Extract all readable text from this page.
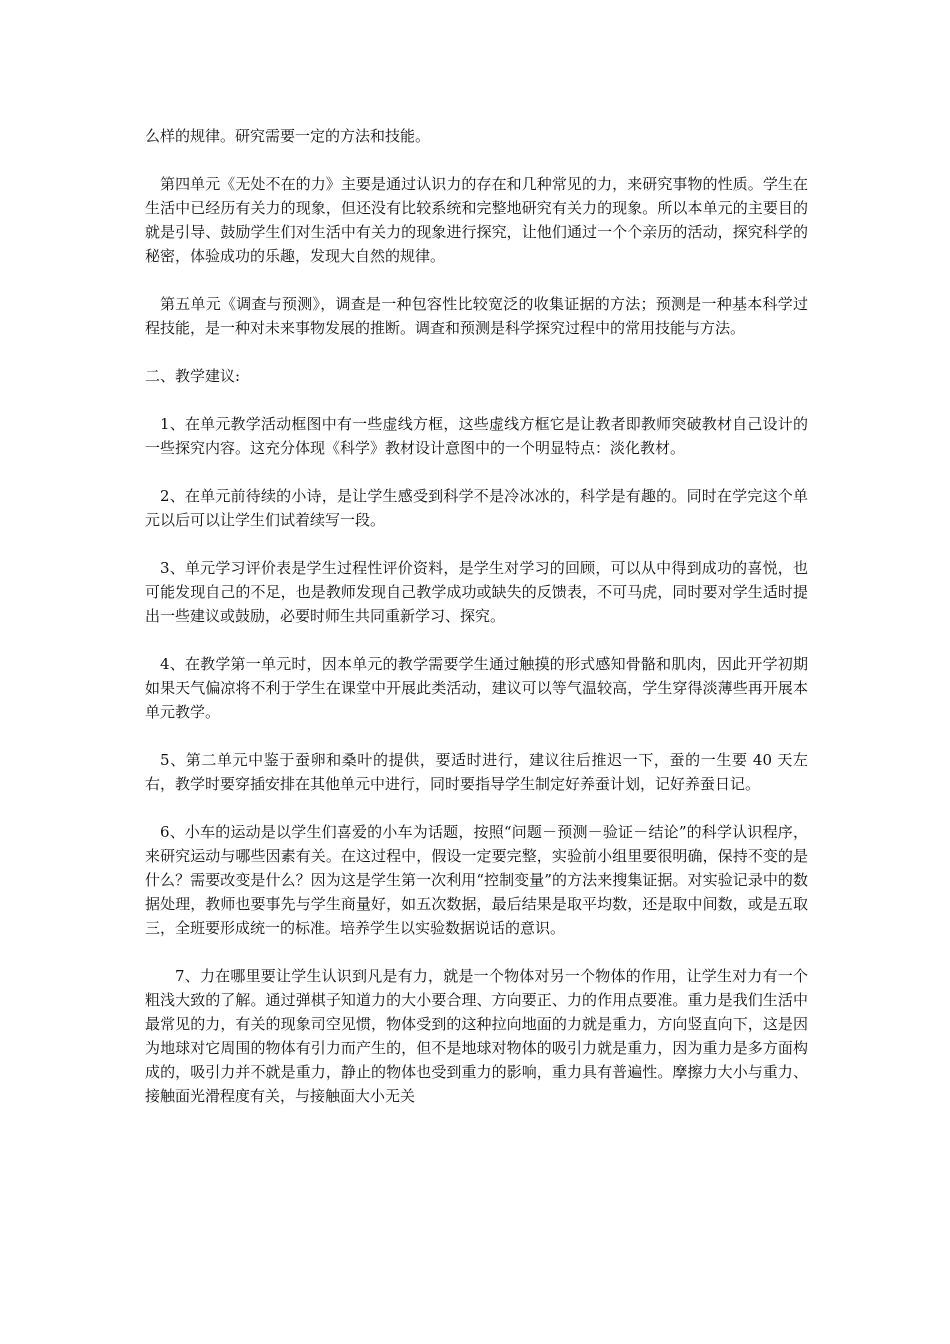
么样的规律。研究需要一定的方法和技能。

第四单元《无处不在的力》主要是通过认识力的存在和几种常见的力，来研究事物的性质。学生在生活中已经历有关力的现象，但还没有比较系统和完整地研究有关力的现象。所以本单元的主要目的就是引导、鼓励学生们对生活中有关力的现象进行探究，让他们通过一个个亲历的活动，探究科学的秘密，体验成功的乐趣，发现大自然的规律。

第五单元《调查与预测》，调查是一种包容性比较宽泛的收集证据的方法；预测是一种基本科学过程技能，是一种对未来事物发展的推断。调查和预测是科学探究过程中的常用技能与方法。

二、教学建议:

1、在单元教学活动框图中有一些虚线方框，这些虚线方框它是让教者即教师突破教材自己设计的一些探究内容。这充分体现《科学》教材设计意图中的一个明显特点：淡化教材。

2、在单元前待续的小诗，是让学生感受到科学不是冷冰冰的，科学是有趣的。同时在学完这个单元以后可以让学生们试着续写一段。

3、单元学习评价表是学生过程性评价资料，是学生对学习的回顾，可以从中得到成功的喜悦，也可能发现自己的不足，也是教师发现自己教学成功或缺失的反馈表，不可马虎，同时要对学生适时提出一些建议或鼓励，必要时师生共同重新学习、探究。

4、在教学第一单元时，因本单元的教学需要学生通过触摸的形式感知骨骼和肌肉，因此开学初期如果天气偏凉将不利于学生在课堂中开展此类活动，建议可以等气温较高，学生穿得淡薄些再开展本单元教学。

5、第二单元中鉴于蚕卵和桑叶的提供，要适时进行，建议往后推迟一下，蚕的一生要 40 天左右，教学时要穿插安排在其他单元中进行，同时要指导学生制定好养蚕计划，记好养蚕日记。

6、小车的运动是以学生们喜爱的小车为话题，按照“问题－预测－验证－结论”的科学认识程序，来研究运动与哪些因素有关。在这过程中，假设一定要完整，实验前小组里要很明确，保持不变的是什么？需要改变是什么？因为这是学生第一次利用“控制变量”的方法来搜集证据。对实验记录中的数据处理，教师也要事先与学生商量好，如五次数据，最后结果是取平均数，还是取中间数，或是五取三，全班要形成统一的标准。培养学生以实验数据说话的意识。

7、力在哪里要让学生认识到凡是有力，就是一个物体对另一个物体的作用，让学生对力有一个粗浅大致的了解。通过弹棋子知道力的大小要合理、方向要正、力的作用点要准。重力是我们生活中最常见的力，有关的现象司空见惯，物体受到的这种拉向地面的力就是重力，方向竖直向下，这是因为地球对它周围的物体有引力而产生的，但不是地球对物体的吸引力就是重力，因为重力是多方面构成的，吸引力并不就是重力，静止的物体也受到重力的影响，重力具有普遍性。摩擦力大小与重力、接触面光滑程度有关，与接触面大小无关
